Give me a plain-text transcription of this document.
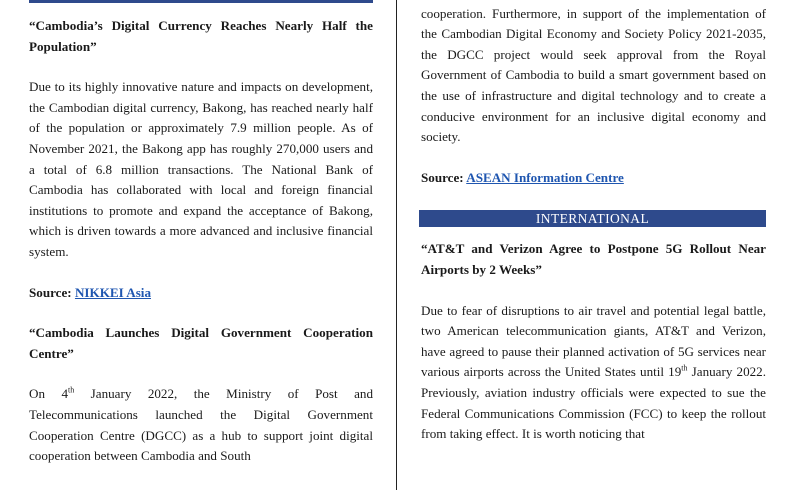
“Cambodia’s Digital Currency Reaches Nearly Half the Population”

Due to its highly innovative nature and impacts on development, the Cambodian digital currency, Bakong, has reached nearly half of the population or approximately 7.9 million people. As of November 2021, the Bakong app has roughly 270,000 users and a total of 6.8 million transactions. The National Bank of Cambodia has collaborated with local and foreign financial institutions to promote and expand the acceptance of Bakong, which is driven towards a more advanced and inclusive financial system.

Source: NIKKEI Asia

“Cambodia Launches Digital Government Cooperation Centre”

On 4th January 2022, the Ministry of Post and Telecommunications launched the Digital Government Cooperation Centre (DGCC) as a hub to support joint digital cooperation between Cambodia and South

cooperation. Furthermore, in support of the implementation of the Cambodian Digital Economy and Society Policy 2021-2035, the DGCC project would seek approval from the Royal Government of Cambodia to build a smart government based on the use of infrastructure and digital technology and to create a conducive environment for an inclusive digital economy and society.

Source: ASEAN Information Centre

INTERNATIONAL

“AT&T and Verizon Agree to Postpone 5G Rollout Near Airports by 2 Weeks”

Due to fear of disruptions to air travel and potential legal battle, two American telecommunication giants, AT&T and Verizon, have agreed to pause their planned activation of 5G services near various airports across the United States until 19th January 2022. Previously, aviation industry officials were expected to sue the Federal Communications Commission (FCC) to keep the rollout from taking effect. It is worth noticing that
